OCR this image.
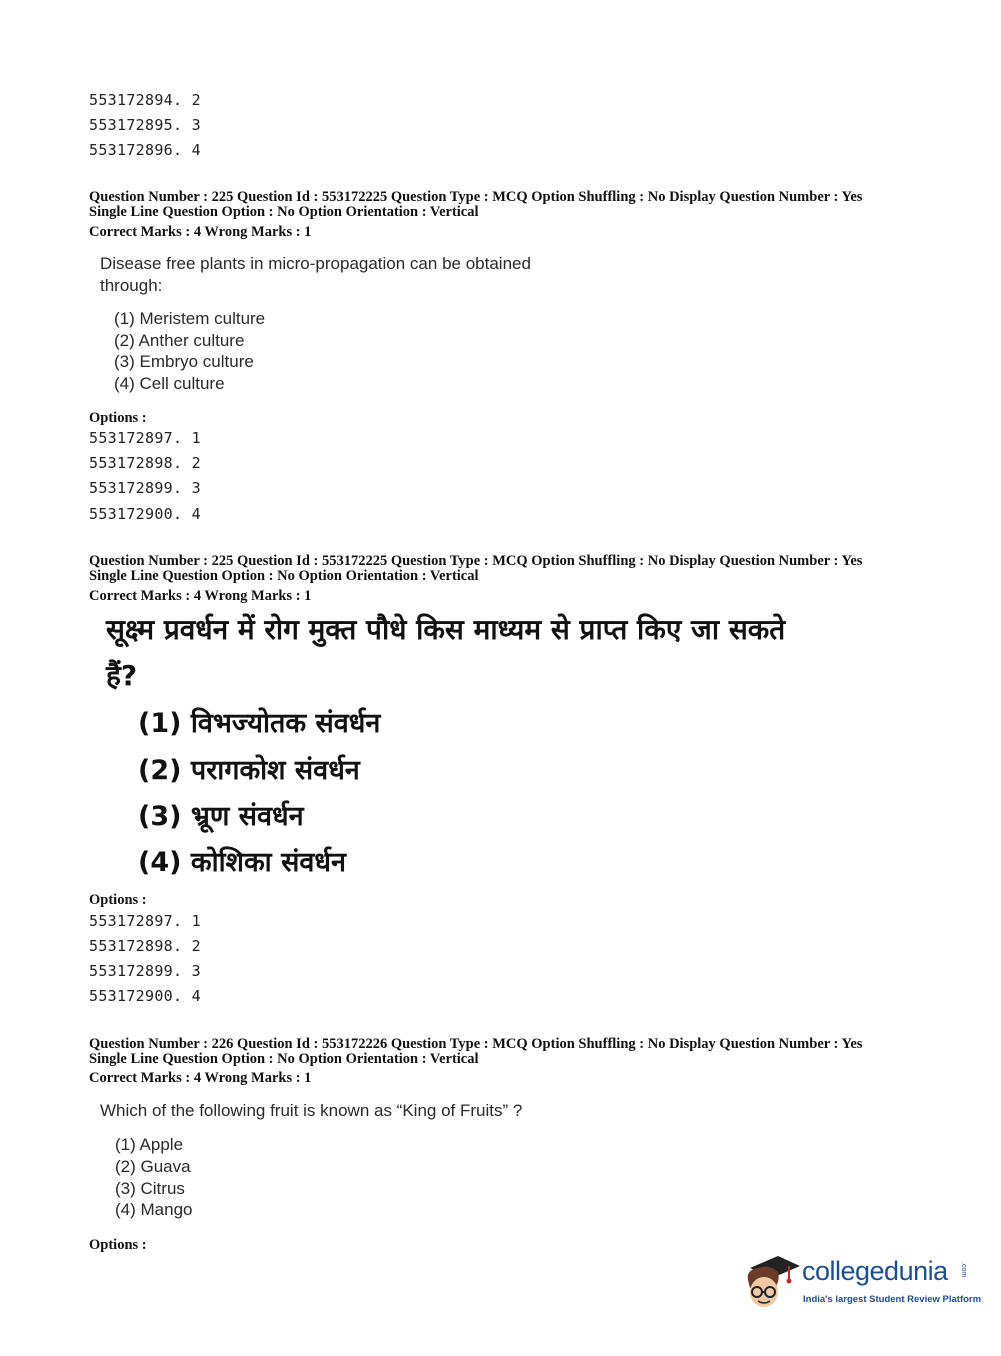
553172894. 2
553172895. 3
553172896. 4
Question Number : 225 Question Id : 553172225 Question Type : MCQ Option Shuffling : No Display Question Number : Yes
Single Line Question Option : No Option Orientation : Vertical
Correct Marks : 4 Wrong Marks : 1
Disease free plants in micro-propagation can be obtained
through:
(1) Meristem culture
(2) Anther culture
(3) Embryo culture
(4) Cell culture
Options :
553172897. 1
553172898. 2
553172899. 3
553172900. 4
Question Number : 225 Question Id : 553172225 Question Type : MCQ Option Shuffling : No Display Question Number : Yes
Single Line Question Option : No Option Orientation : Vertical
Correct Marks : 4 Wrong Marks : 1
सूक्ष्म प्रवर्धन में रोग मुक्त पौधे किस माध्यम से प्राप्त किए जा सकते
हैं?
(1) विभज्योतक संवर्धन
(2) परागकोश संवर्धन
(3) भ्रूण संवर्धन
(4) कोशिका संवर्धन
Options :
553172897. 1
553172898. 2
553172899. 3
553172900. 4
Question Number : 226 Question Id : 553172226 Question Type : MCQ Option Shuffling : No Display Question Number : Yes
Single Line Question Option : No Option Orientation : Vertical
Correct Marks : 4 Wrong Marks : 1
Which of the following fruit is known as “King of Fruits” ?
(1) Apple
(2) Guava
(3) Citrus
(4) Mango
Options :
collegedunia .com
India's largest Student Review Platform
